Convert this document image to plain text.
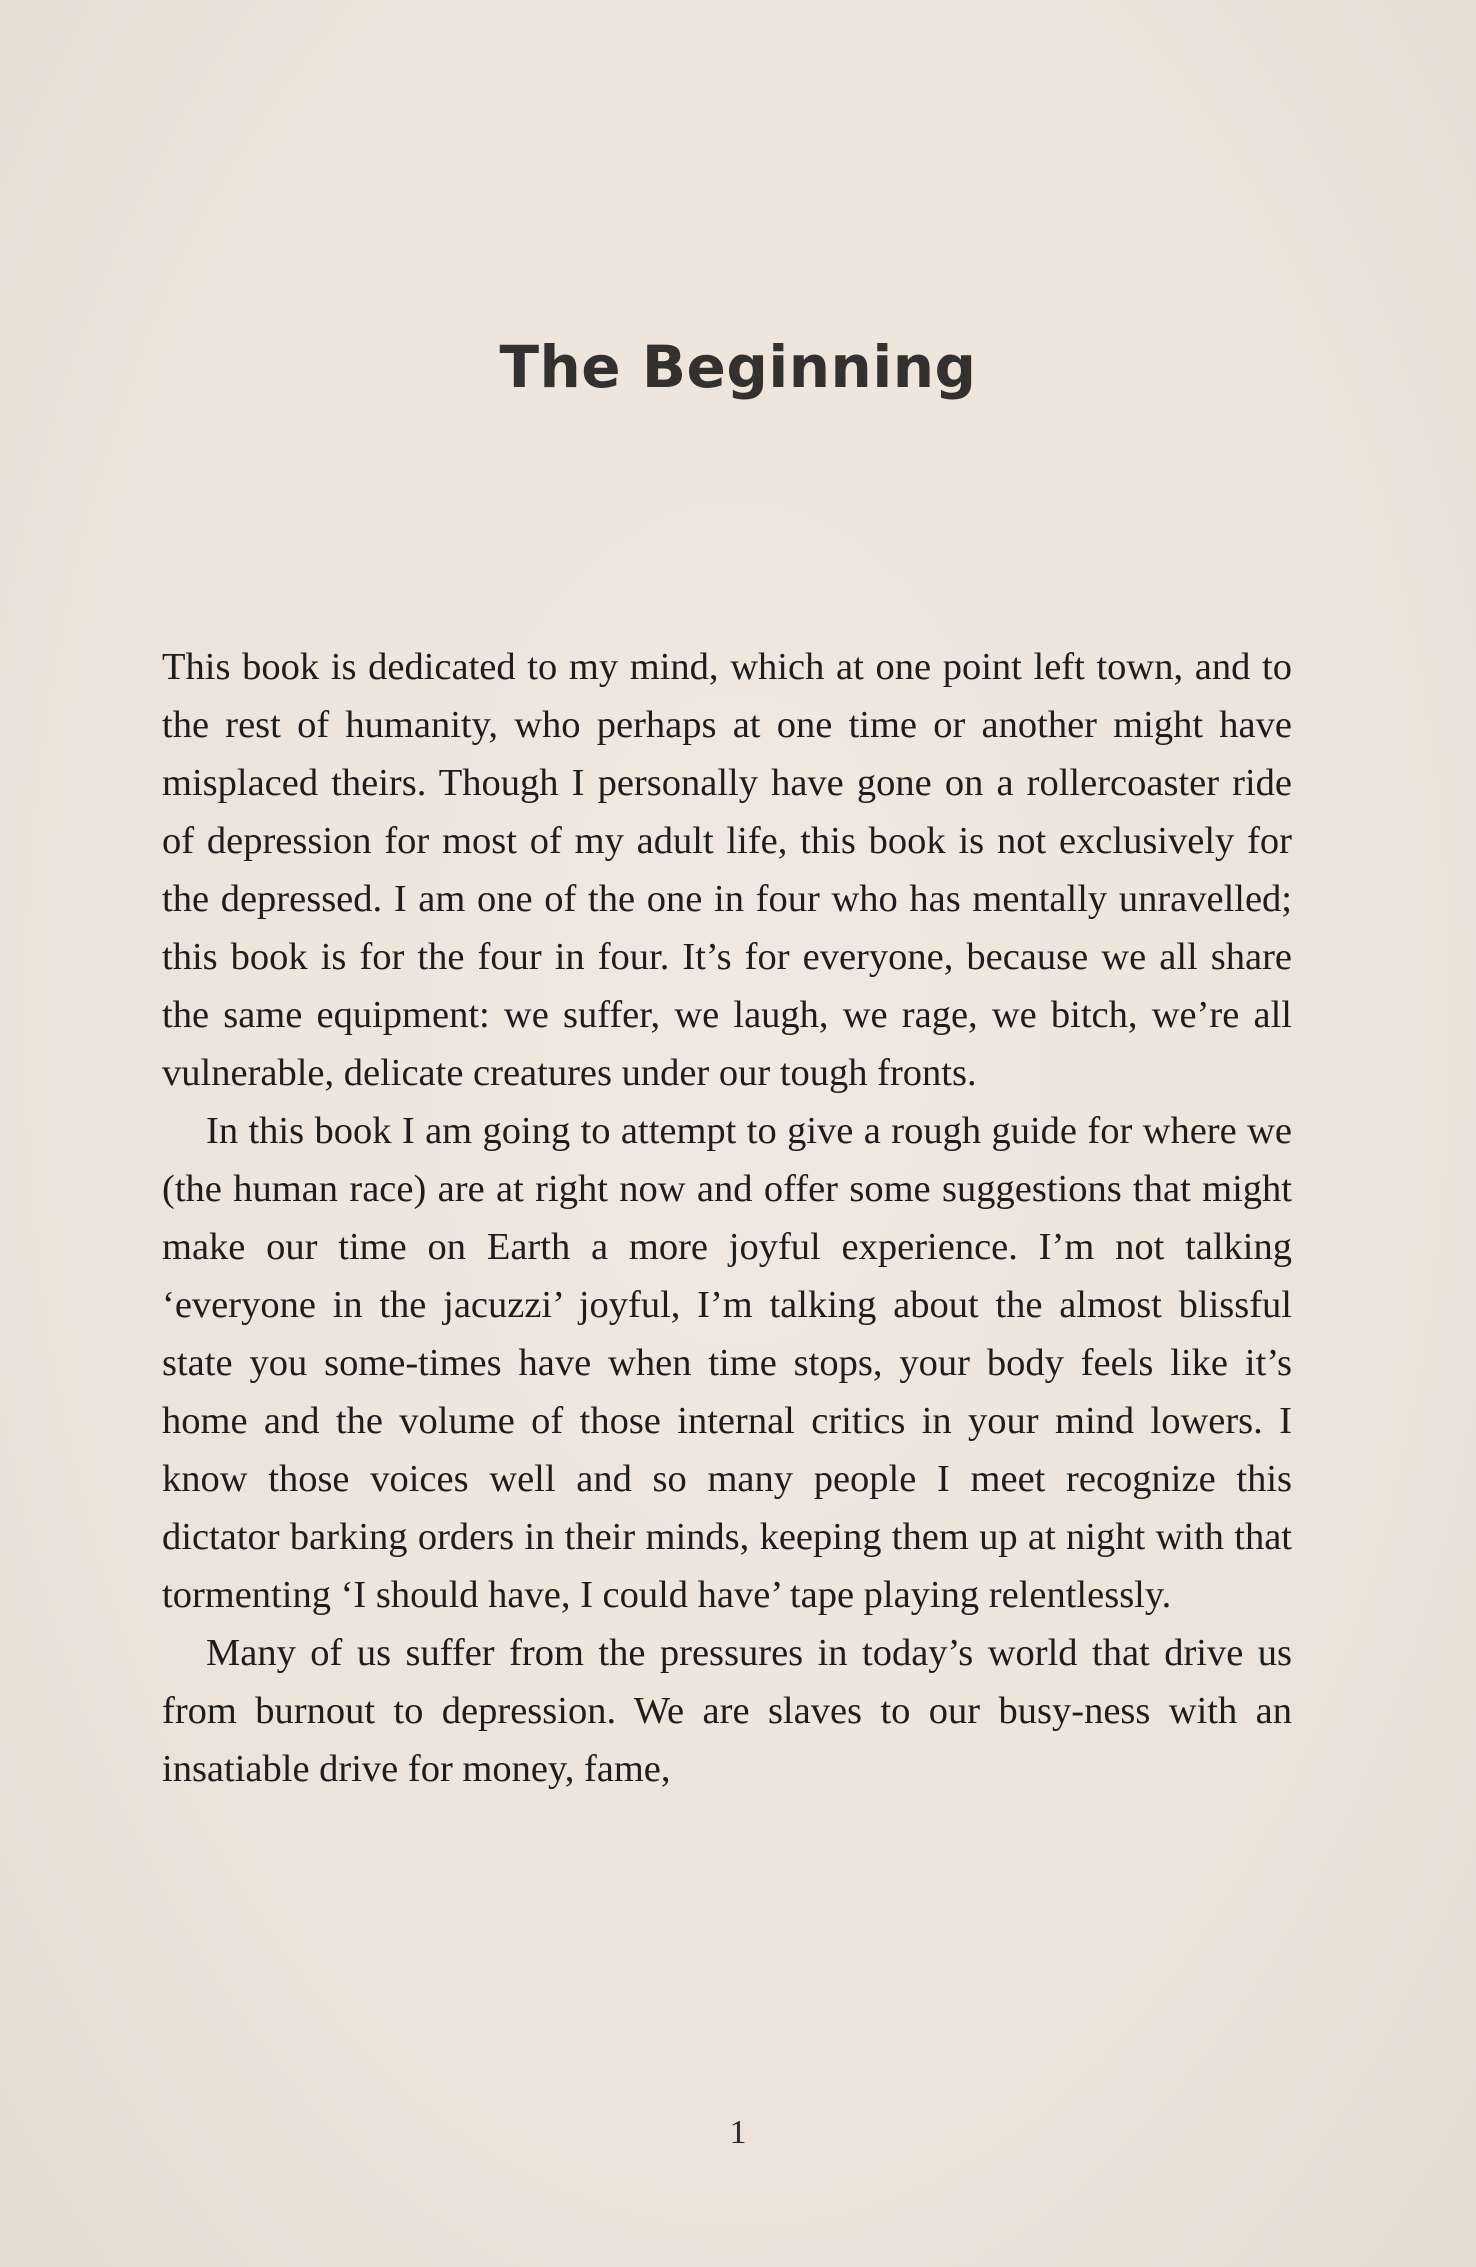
The Beginning

This book is dedicated to my mind, which at one point left town, and to the rest of humanity, who perhaps at one time or another might have misplaced theirs. Though I personally have gone on a rollercoaster ride of depression for most of my adult life, this book is not exclusively for the depressed. I am one of the one in four who has mentally unravelled; this book is for the four in four. It’s for everyone, because we all share the same equipment: we suffer, we laugh, we rage, we bitch, we’re all vulnerable, delicate creatures under our tough fronts.

In this book I am going to attempt to give a rough guide for where we (the human race) are at right now and offer some suggestions that might make our time on Earth a more joyful experience. I’m not talking ‘everyone in the jacuzzi’ joyful, I’m talking about the almost blissful state you some-times have when time stops, your body feels like it’s home and the volume of those internal critics in your mind lowers. I know those voices well and so many people I meet recognize this dictator barking orders in their minds, keeping them up at night with that tormenting ‘I should have, I could have’ tape playing relentlessly.

Many of us suffer from the pressures in today’s world that drive us from burnout to depression. We are slaves to our busy-ness with an insatiable drive for money, fame,

1
